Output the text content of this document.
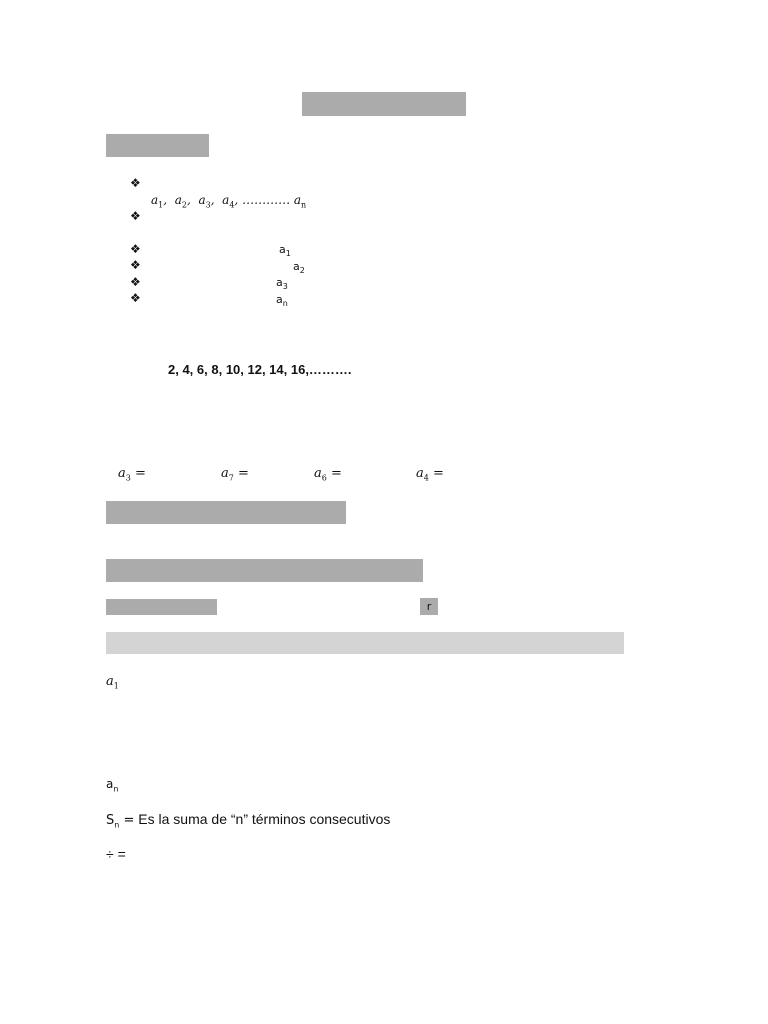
❖
$a_1$, $a_2$, $a_3$, $a_4$, ………… $a_n$
❖
❖	$a_1$
❖	$a_2$
❖	$a_3$
❖	$a_n$
2, 4, 6, 8, 10, 12, 14, 16,……….
$a_3$ =	$a_7$ =	$a_6$ =	$a_4$ =
r
$a_1$
$a_n$
$S_n = Es$ la suma de “n” términos consecutivos
÷ =
